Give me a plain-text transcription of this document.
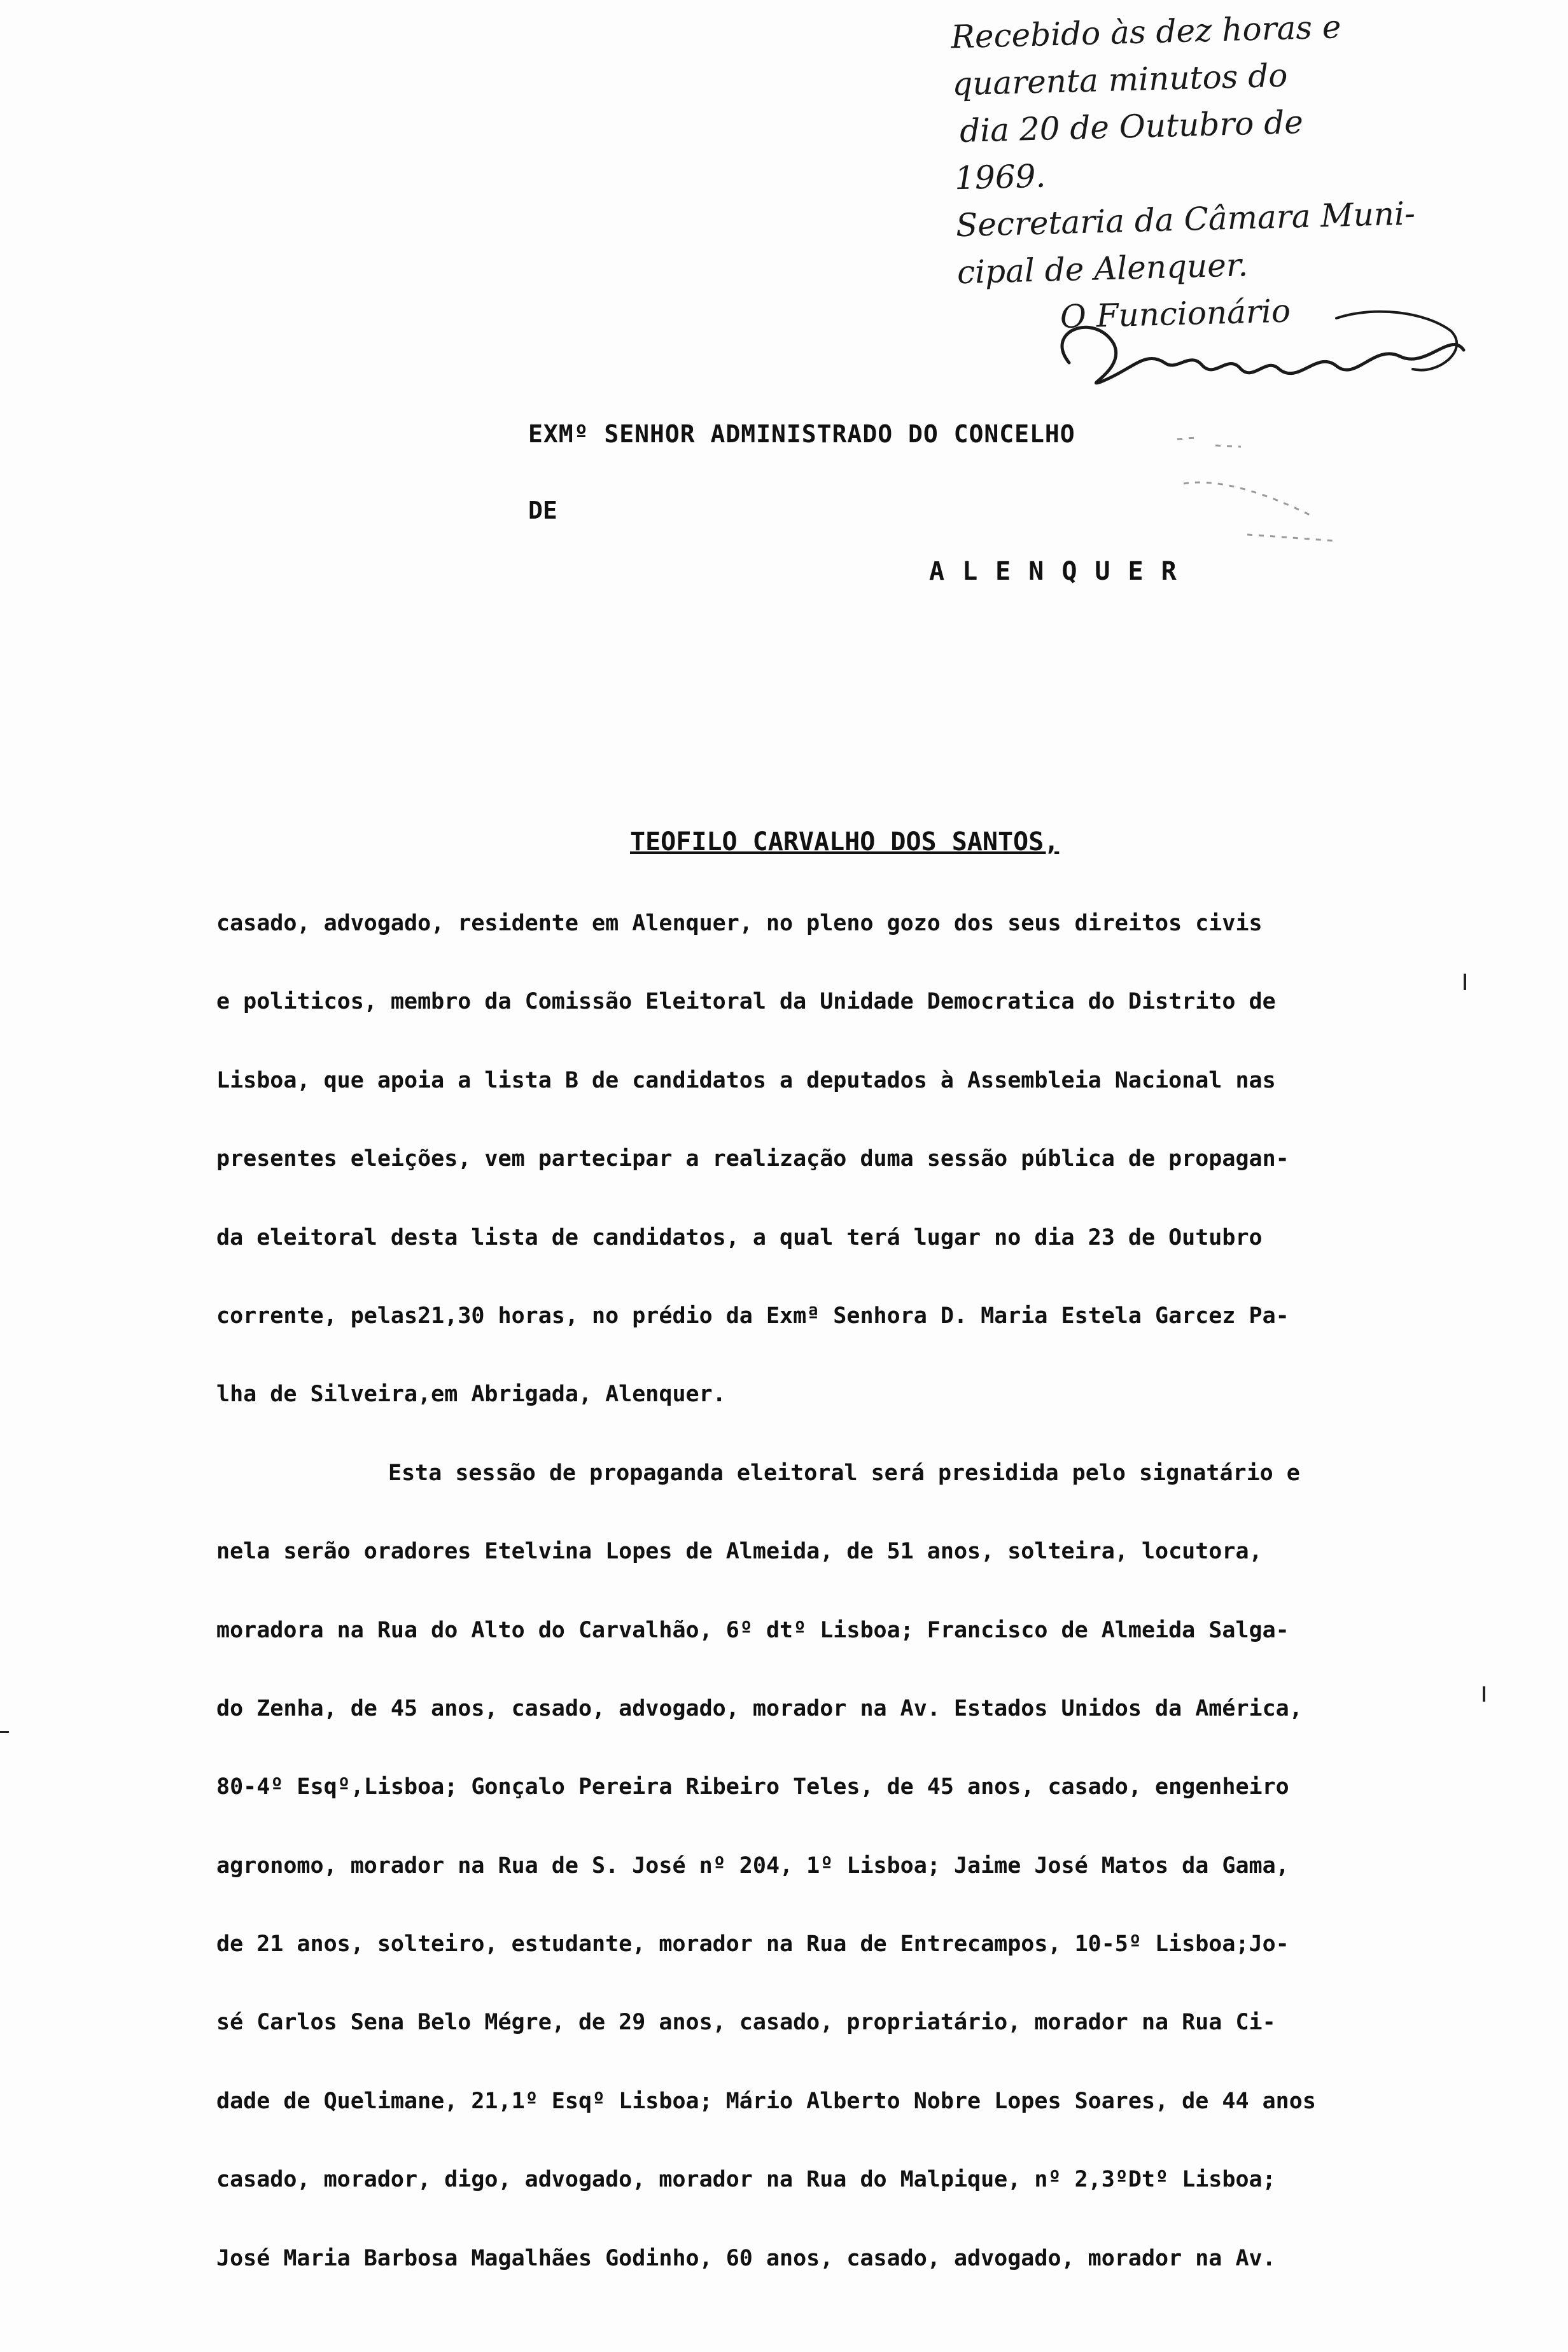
Recebido às dez horas e
quarenta minutos do
dia 20 de Outubro de
1969.
Secretaria da Câmara Muni-
cipal de Alenquer.
O Funcionário
EXMº SENHOR ADMINISTRADO DO CONCELHO
DE
ALENQUER
TEOFILO CARVALHO DOS SANTOS,
casado, advogado, residente em Alenquer, no pleno gozo dos seus direitos civis
e politicos, membro da Comissão Eleitoral da Unidade Democratica do Distrito de
Lisboa, que apoia a lista B de candidatos a deputados à Assembleia Nacional nas
presentes eleições, vem partecipar a realização duma sessão pública de propagan-
da eleitoral desta lista de candidatos, a qual terá lugar no dia 23 de Outubro
corrente, pelas21,30 horas, no prédio da Exmª Senhora D. Maria Estela Garcez Pa-
lha de Silveira,em Abrigada, Alenquer.
Esta sessão de propaganda eleitoral será presidida pelo signatário e
nela serão oradores Etelvina Lopes de Almeida, de 51 anos, solteira, locutora,
moradora na Rua do Alto do Carvalhão, 6º dtº Lisboa; Francisco de Almeida Salga-
do Zenha, de 45 anos, casado, advogado, morador na Av. Estados Unidos da América,
80-4º Esqº,Lisboa; Gonçalo Pereira Ribeiro Teles, de 45 anos, casado, engenheiro
agronomo, morador na Rua de S. José nº 204, 1º Lisboa; Jaime José Matos da Gama,
de 21 anos, solteiro, estudante, morador na Rua de Entrecampos, 10-5º Lisboa;Jo-
sé Carlos Sena Belo Mégre, de 29 anos, casado, propriatário, morador na Rua Ci-
dade de Quelimane, 21,1º Esqº Lisboa; Mário Alberto Nobre Lopes Soares, de 44 anos
casado, morador, digo, advogado, morador na Rua do Malpique, nº 2,3ºDtº Lisboa;
José Maria Barbosa Magalhães Godinho, 60 anos, casado, advogado, morador na Av.
